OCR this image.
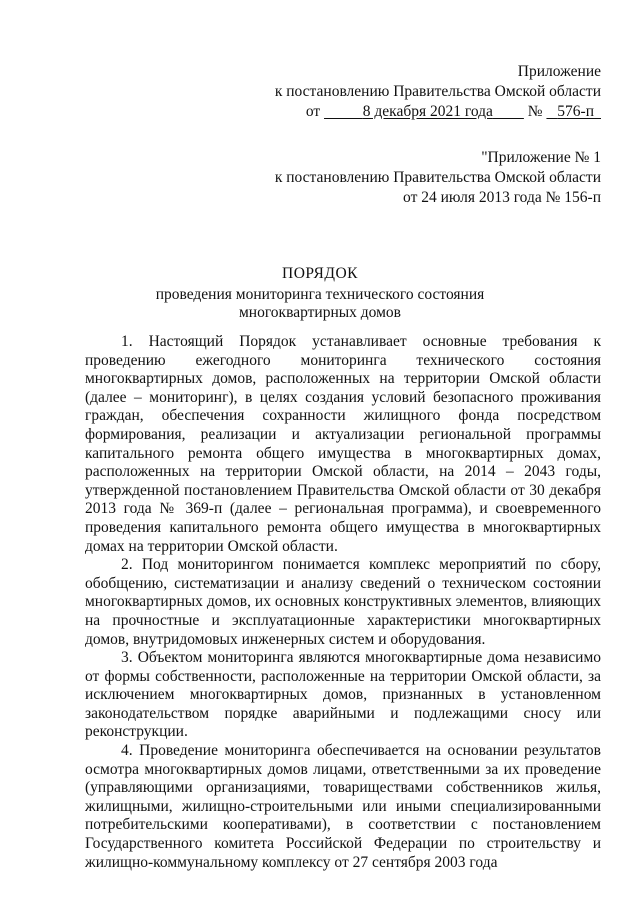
Приложение
к постановлению Правительства Омской области
от    	8 декабря 2021 года   №    576-п  
"Приложение № 1
к постановлению Правительства Омской области
от 24 июля 2013 года № 156-п
ПОРЯДОК
проведения мониторинга технического состояния
многоквартирных домов

1. Настоящий Порядок устанавливает основные требования к проведению ежегодного мониторинга технического состояния многоквартирных домов, расположенных на территории Омской области (далее – мониторинг), в целях создания условий безопасного проживания граждан, обеспечения сохранности жилищного фонда посредством формирования, реализации и актуализации региональной программы капитального ремонта общего имущества в многоквартирных домах, расположенных на территории Омской области, на 2014 – 2043 годы, утвержденной постановлением Правительства Омской области от 30 декабря 2013 года № 369-п (далее – региональная программа), и своевременного проведения капитального ремонта общего имущества в многоквартирных домах на территории Омской области.

2. Под мониторингом понимается комплекс мероприятий по сбору, обобщению, систематизации и анализу сведений о техническом состоянии многоквартирных домов, их основных конструктивных элементов, влияющих на прочностные и эксплуатационные характеристики многоквартирных домов, внутридомовых инженерных систем и оборудования.

3. Объектом мониторинга являются многоквартирные дома независимо от формы собственности, расположенные на территории Омской области, за исключением многоквартирных домов, признанных в установленном законодательством порядке аварийными и подлежащими сносу или реконструкции.

4. Проведение мониторинга обеспечивается на основании результатов осмотра многоквартирных домов лицами, ответственными за их проведение (управляющими организациями, товариществами собственников жилья, жилищными, жилищно-строительными или иными специализированными потребительскими кооперативами), в соответствии с постановлением Государственного комитета Российской Федерации по строительству и жилищно-коммунальному комплексу от 27 сентября 2003 года
